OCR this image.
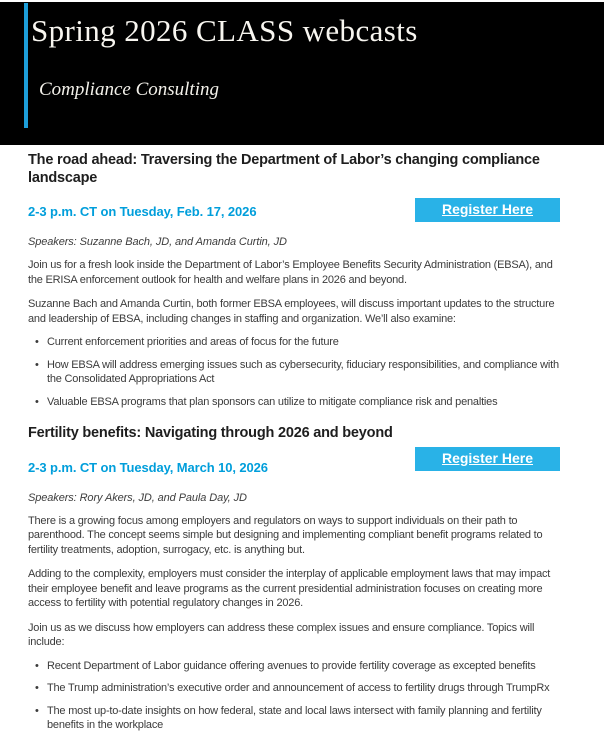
Spring 2026 CLASS webcasts
Compliance Consulting
The road ahead: Traversing the Department of Labor’s changing compliance landscape
2-3 p.m. CT on Tuesday, Feb. 17, 2026	Register Here
Speakers: Suzanne Bach, JD, and Amanda Curtin, JD

Join us for a fresh look inside the Department of Labor’s Employee Benefits Security Administration (EBSA), and the ERISA enforcement outlook for health and welfare plans in 2026 and beyond.

Suzanne Bach and Amanda Curtin, both former EBSA employees, will discuss important updates to the structure and leadership of EBSA, including changes in staffing and organization. We’ll also examine:

• Current enforcement priorities and areas of focus for the future
• How EBSA will address emerging issues such as cybersecurity, fiduciary responsibilities, and compliance with the Consolidated Appropriations Act
• Valuable EBSA programs that plan sponsors can utilize to mitigate compliance risk and penalties
Fertility benefits: Navigating through 2026 and beyond
2-3 p.m. CT on Tuesday, March 10, 2026
Register Here
Speakers: Rory Akers, JD, and Paula Day, JD

There is a growing focus among employers and regulators on ways to support individuals on their path to parenthood. The concept seems simple but designing and implementing compliant benefit programs related to fertility treatments, adoption, surrogacy, etc. is anything but.

Adding to the complexity, employers must consider the interplay of applicable employment laws that may impact their employee benefit and leave programs as the current presidential administration focuses on creating more access to fertility with potential regulatory changes in 2026.

Join us as we discuss how employers can address these complex issues and ensure compliance. Topics will include:

• Recent Department of Labor guidance offering avenues to provide fertility coverage as excepted benefits
• The Trump administration’s executive order and announcement of access to fertility drugs through TrumpRx
• The most up-to-date insights on how federal, state and local laws intersect with family planning and fertility benefits in the workplace
